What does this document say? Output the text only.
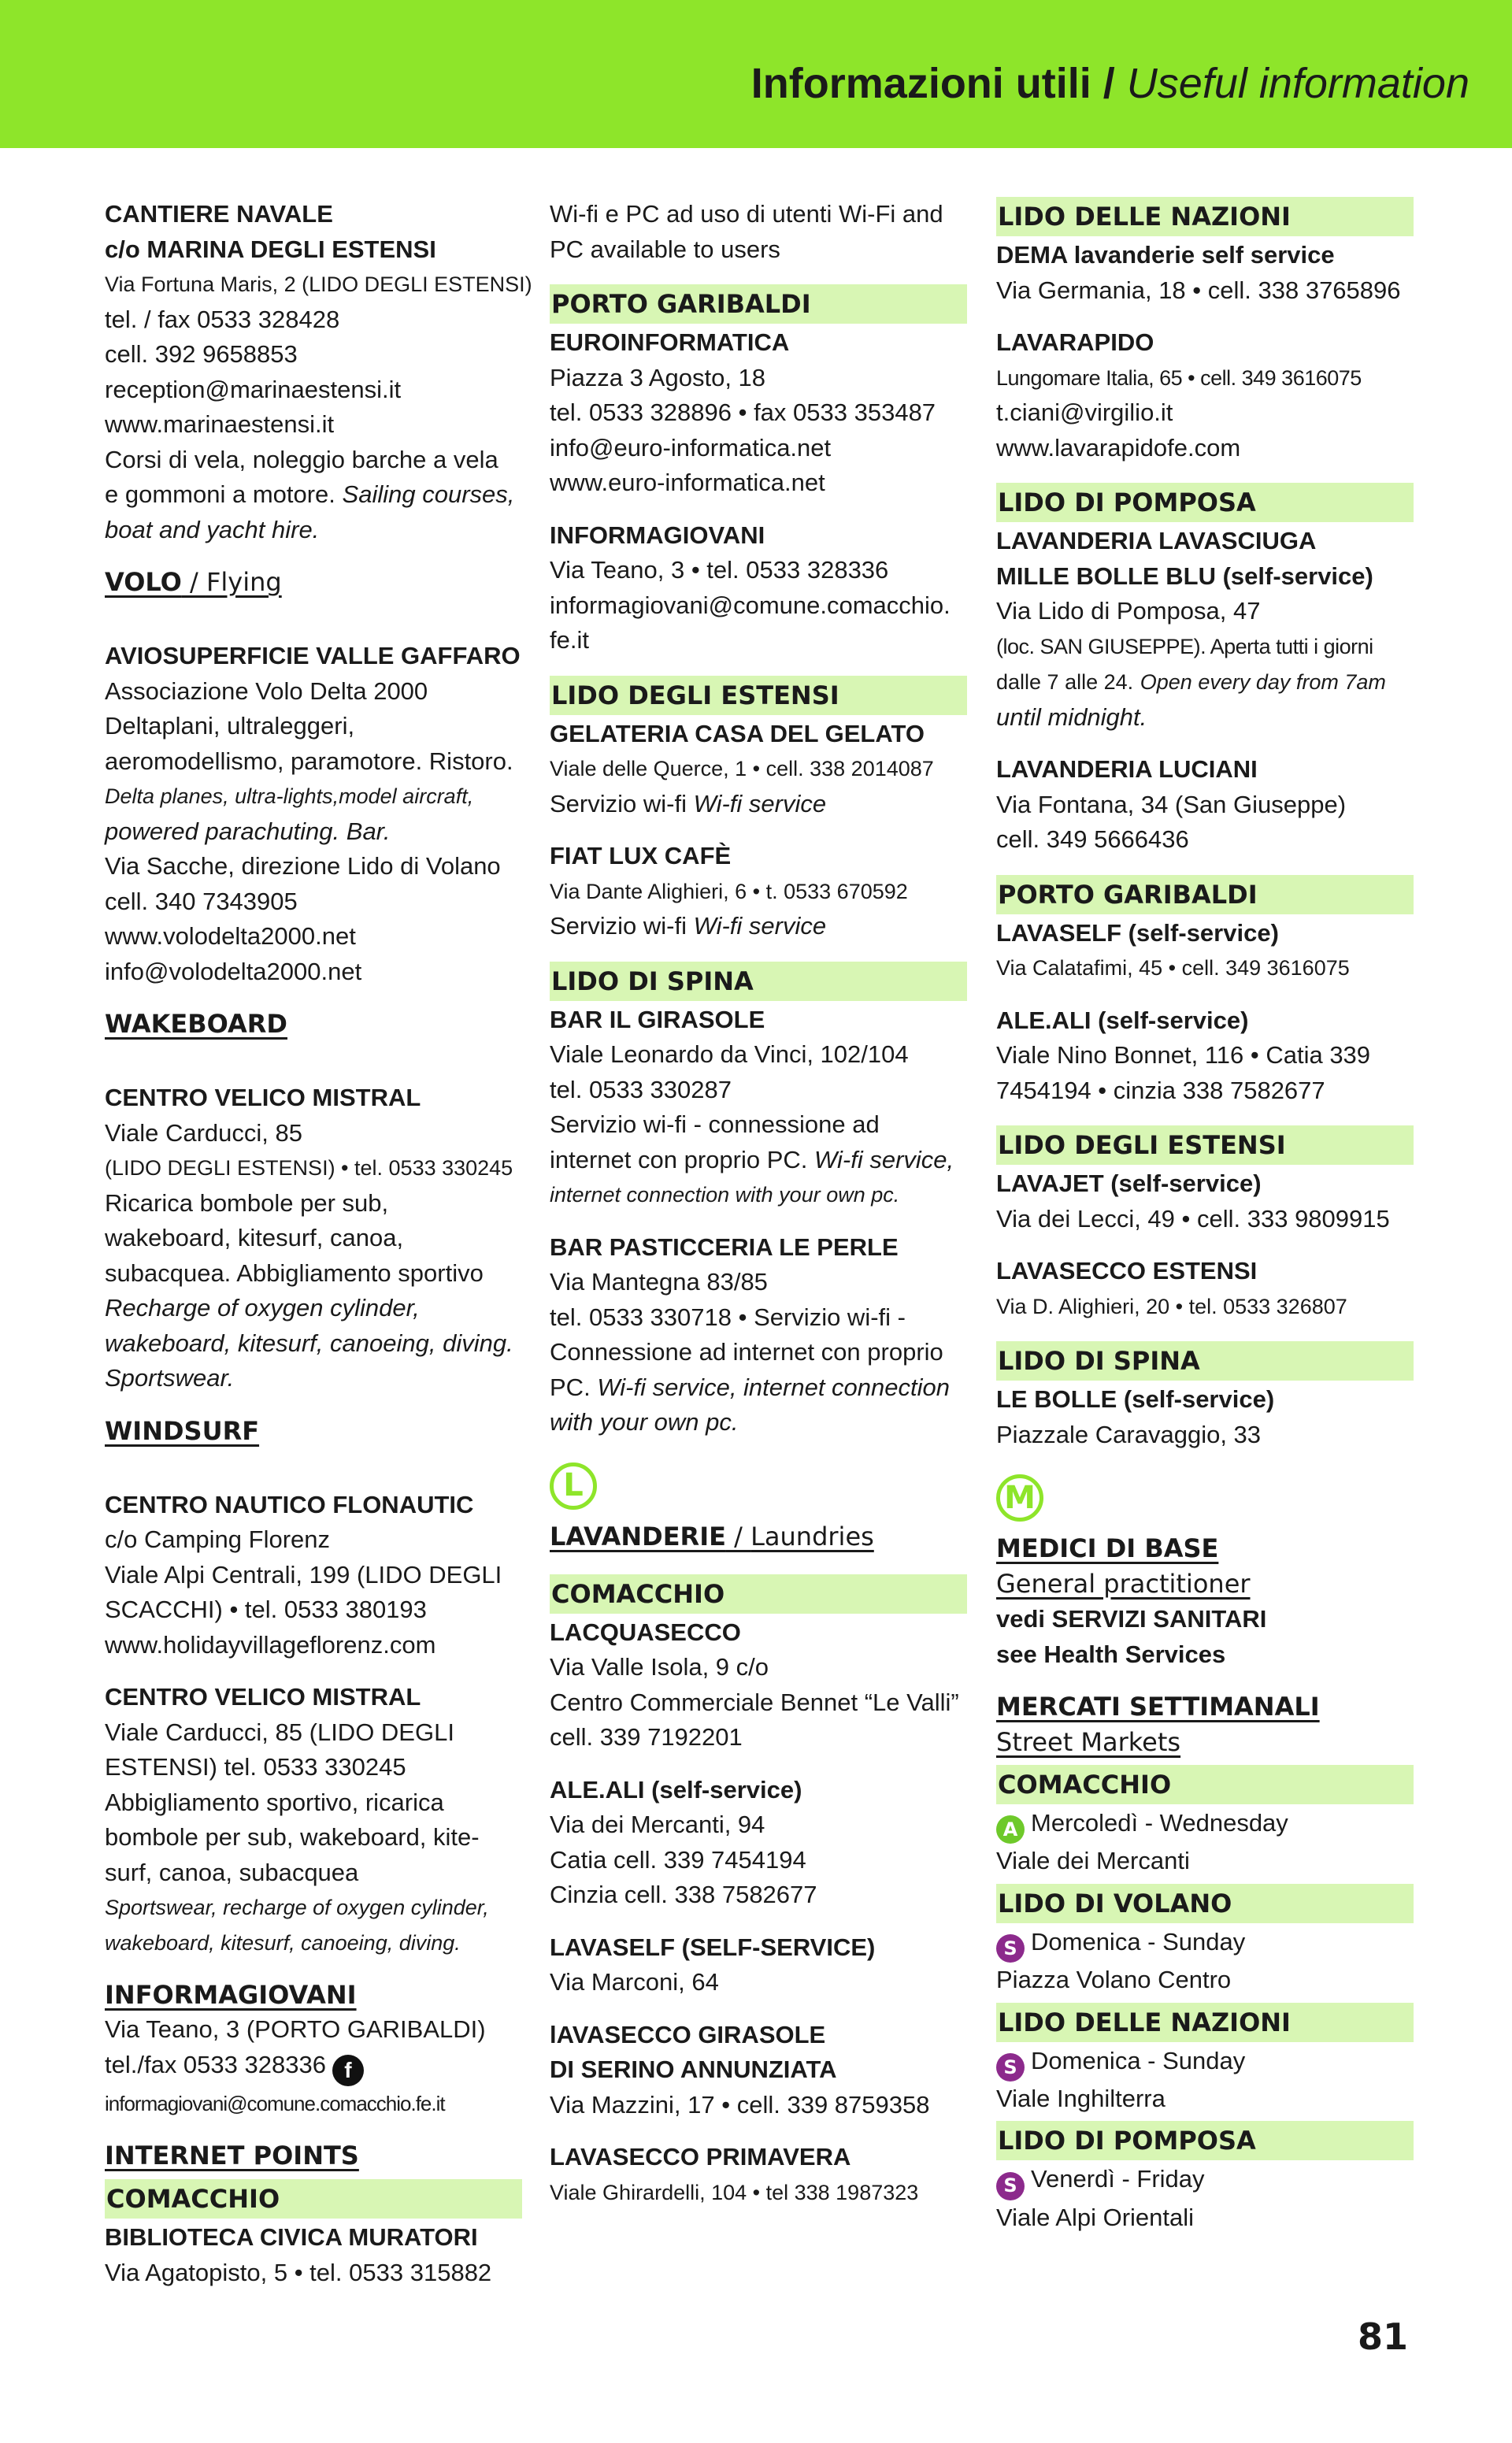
Informazioni utili / Useful information
CANTIERE NAVALE
c/o MARINA DEGLI ESTENSI
Via Fortuna Maris, 2 (LIDO DEGLI ESTENSI)
tel. / fax 0533 328428
cell. 392 9658853
reception@marinaestensi.it
www.marinaestensi.it
Corsi di vela, noleggio barche a vela
e gommoni a motore. Sailing courses,
boat and yacht hire.
VOLO / Flying
AVIOSUPERFICIE VALLE GAFFARO
Associazione Volo Delta 2000
Deltaplani, ultraleggeri,
aeromodellismo, paramotore. Ristoro.
Delta planes, ultra-lights,model aircraft,
powered parachuting. Bar.
Via Sacche, direzione Lido di Volano
cell. 340 7343905
www.volodelta2000.net
info@volodelta2000.net
WAKEBOARD
CENTRO VELICO MISTRAL
Viale Carducci, 85
(LIDO DEGLI ESTENSI) • tel. 0533 330245
Ricarica bombole per sub,
wakeboard, kitesurf, canoa,
subacquea. Abbigliamento sportivo
Recharge of oxygen cylinder,
wakeboard, kitesurf, canoeing, diving.
Sportswear.
WINDSURF
CENTRO NAUTICO FLONAUTIC
c/o Camping Florenz
Viale Alpi Centrali, 199 (LIDO DEGLI
SCACCHI) • tel. 0533 380193
www.holidayvillageflorenz.com
CENTRO VELICO MISTRAL
Viale Carducci, 85 (LIDO DEGLI
ESTENSI) tel. 0533 330245
Abbigliamento sportivo, ricarica
bombole per sub, wakeboard, kite-
surf, canoa, subacquea
Sportswear, recharge of oxygen cylinder,
wakeboard, kitesurf, canoeing, diving.
INFORMAGIOVANI
Via Teano, 3 (PORTO GARIBALDI)
tel./fax 0533 328336 f
informagiovani@comune.comacchio.fe.it
INTERNET POINTS
COMACCHIO
BIBLIOTECA CIVICA MURATORI
Via Agatopisto, 5 • tel. 0533 315882
Wi-fi e PC ad uso di utenti Wi-Fi and
PC available to users
PORTO GARIBALDI
EUROINFORMATICA
Piazza 3 Agosto, 18
tel. 0533 328896 • fax 0533 353487
info@euro-informatica.net
www.euro-informatica.net
INFORMAGIOVANI
Via Teano, 3 • tel. 0533 328336
informagiovani@comune.comacchio.
fe.it
LIDO DEGLI ESTENSI
GELATERIA CASA DEL GELATO
Viale delle Querce, 1 • cell. 338 2014087
Servizio wi-fi Wi-fi service
FIAT LUX CAFÈ
Via Dante Alighieri, 6 • t. 0533 670592
Servizio wi-fi Wi-fi service
LIDO DI SPINA
BAR IL GIRASOLE
Viale Leonardo da Vinci, 102/104
tel. 0533 330287
Servizio wi-fi - connessione ad
internet con proprio PC. Wi-fi service,
internet connection with your own pc.
BAR PASTICCERIA LE PERLE
Via Mantegna 83/85
tel. 0533 330718 • Servizio wi-fi -
Connessione ad internet con proprio
PC. Wi-fi service, internet connection
with your own pc.
L
LAVANDERIE / Laundries
COMACCHIO
LACQUASECCO
Via Valle Isola, 9 c/o
Centro Commerciale Bennet “Le Valli”
cell. 339 7192201
ALE.ALI (self-service)
Via dei Mercanti, 94
Catia cell. 339 7454194
Cinzia cell. 338 7582677
LAVASELF (SELF-SERVICE)
Via Marconi, 64
lAVASECCO GIRASOLE
DI SERINO ANNUNZIATA
Via Mazzini, 17 • cell. 339 8759358
LAVASECCO PRIMAVERA
Viale Ghirardelli, 104 • tel 338 1987323
LIDO DELLE NAZIONI
DEMA lavanderie self service
Via Germania, 18 • cell. 338 3765896
LAVARAPIDO
Lungomare Italia, 65 • cell. 349 3616075
t.ciani@virgilio.it
www.lavarapidofe.com
LIDO DI POMPOSA
LAVANDERIA LAVASCIUGA
MILLE BOLLE BLU (self-service)
Via Lido di Pomposa, 47
(loc. SAN GIUSEPPE). Aperta tutti i giorni
dalle 7 alle 24. Open every day from 7am
until midnight.
LAVANDERIA LUCIANI
Via Fontana, 34 (San Giuseppe)
cell. 349 5666436
PORTO GARIBALDI
LAVASELF (self-service)
Via Calatafimi, 45 • cell. 349 3616075
ALE.ALI (self-service)
Viale Nino Bonnet, 116 • Catia 339
7454194 • cinzia 338 7582677
LIDO DEGLI ESTENSI
LAVAJET (self-service)
Via dei Lecci, 49 • cell. 333 9809915
LAVASECCO ESTENSI
Via D. Alighieri, 20 • tel. 0533 326807
LIDO DI SPINA
LE BOLLE (self-service)
Piazzale Caravaggio, 33
M
MEDICI DI BASE
General practitioner
vedi SERVIZI SANITARI
see Health Services
MERCATI SETTIMANALI
Street Markets
COMACCHIO
A Mercoledì - Wednesday
Viale dei Mercanti
LIDO DI VOLANO
S Domenica - Sunday
Piazza Volano Centro
LIDO DELLE NAZIONI
S Domenica - Sunday
Viale Inghilterra
LIDO DI POMPOSA
S Venerdì - Friday
Viale Alpi Orientali
81
